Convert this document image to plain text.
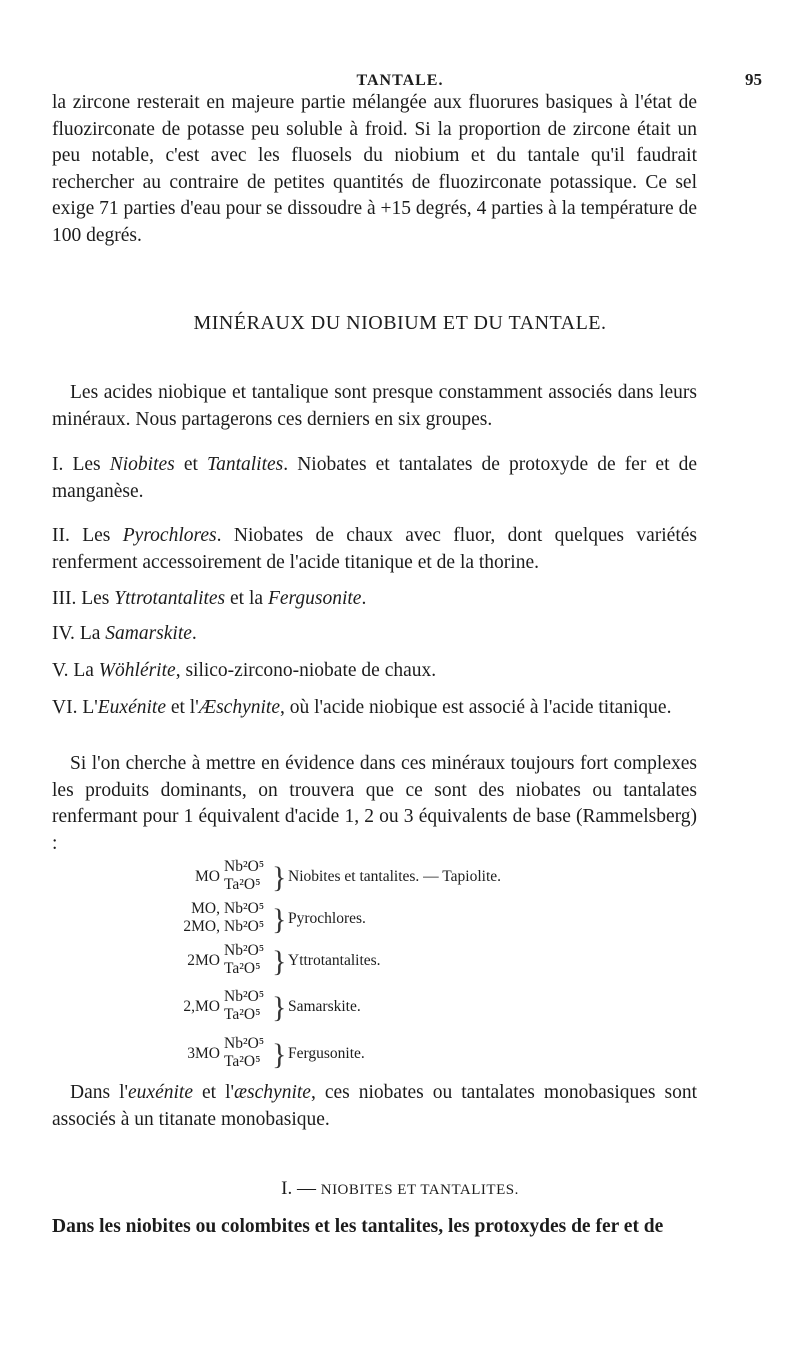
TANTALE.	95

la zircone resterait en majeure partie mélangée aux fluorures basiques à l'état de fluozirconate de potasse peu soluble à froid. Si la proportion de zircone était un peu notable, c'est avec les fluosels du niobium et du tantale qu'il faudrait rechercher au contraire de petites quantités de fluozirconate potassique. Ce sel exige 71 parties d'eau pour se dissoudre à +15 degrés, 4 parties à la température de 100 degrés.

MINÉRAUX DU NIOBIUM ET DU TANTALE.

Les acides niobique et tantalique sont presque constamment associés dans leurs minéraux. Nous partagerons ces derniers en six groupes.

I. Les Niobites et Tantalites. Niobates et tantalates de protoxyde de fer et de manganèse.

II. Les Pyrochlores. Niobates de chaux avec fluor, dont quelques variétés renferment accessoirement de l'acide titanique et de la thorine.

III. Les Yttrotantalites et la Fergusonite.

IV. La Samarskite.

V. La Wöhlérite, silico-zircono-niobate de chaux.

VI. L'Euxénite et l'Æschynite, où l'acide niobique est associé à l'acide titanique.

Si l'on cherche à mettre en évidence dans ces minéraux toujours fort complexes les produits dominants, on trouvera que ce sont des niobates ou tantalates renfermant pour 1 équivalent d'acide 1, 2 ou 3 équivalents de base (Rammelsberg) :

MO
Nb²O⁵
Ta²O⁵ } Niobites et tantalites. — Tapiolite.
MO,
2MO,
Nb²O⁵
Nb²O⁵ } Pyrochlores.
2MO
Nb²O⁵
Ta²O⁵ } Yttrotantalites.
2,MO
Nb²O⁵
Ta²O⁵ } Samarskite.
3MO
Nb²O⁵
Ta²O⁵ } Fergusonite.

Dans l'euxénite et l'æschynite, ces niobates ou tantalates monobasiques sont associés à un titanate monobasique.

I. — NIOBITES ET TANTALITES.

Dans les niobites ou colombites et les tantalites, les protoxydes de fer et de
